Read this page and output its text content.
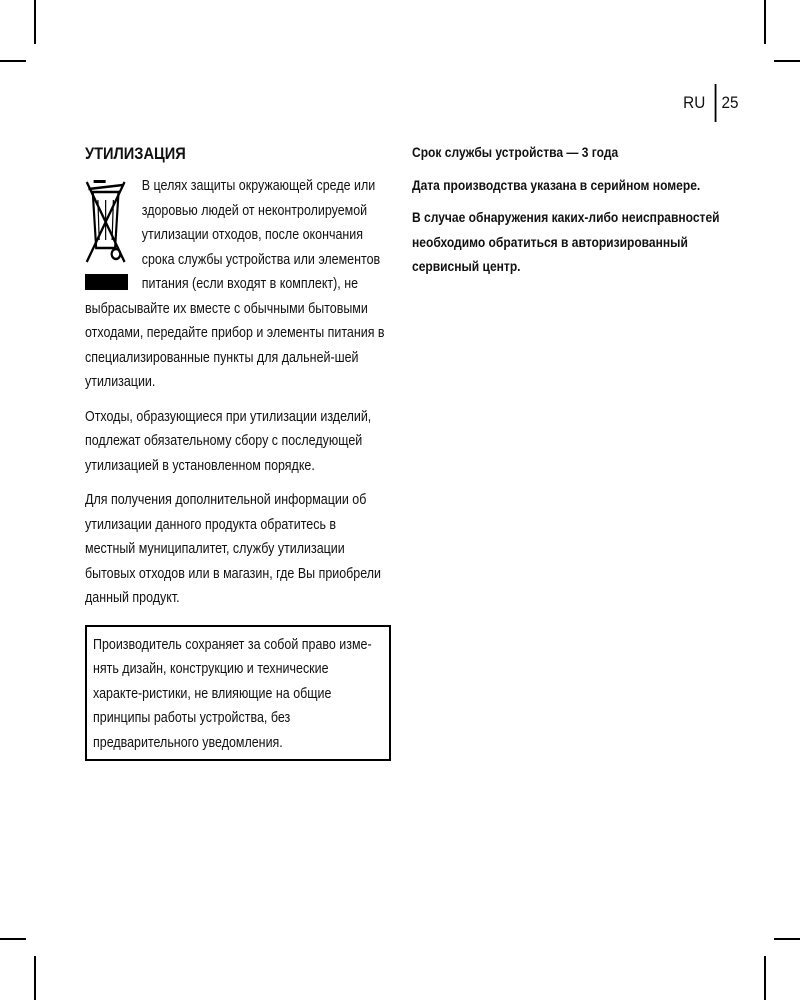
RU 25
УТИЛИЗАЦИЯ

В целях защиты окружающей среде или здоровью людей от неконтролируемой утилизации отходов, после окончания срока службы устройства или элементов питания (если входят в комплект), не выбрасывайте их вместе с обычными бытовыми отходами, передайте прибор и элементы питания в специализированные пункты для дальней-шей утилизации.

Отходы, образующиеся при утилизации изделий, подлежат обязательному сбору с последующей утилизацией в установленном порядке.

Для получения дополнительной информации об утилизации данного продукта обратитесь в местный муниципалитет, службу утилизации бытовых отходов или в магазин, где Вы приобрели данный продукт.

Производитель сохраняет за собой право изме-нять дизайн, конструкцию и технические характе-ристики, не влияющие на общие принципы работы устройства, без предварительного уведомления.

Срок службы устройства — 3 года

Дата производства указана в серийном номере.

В случае обнаружения каких-либо неисправностей необходимо обратиться в авторизированный сервисный центр.
